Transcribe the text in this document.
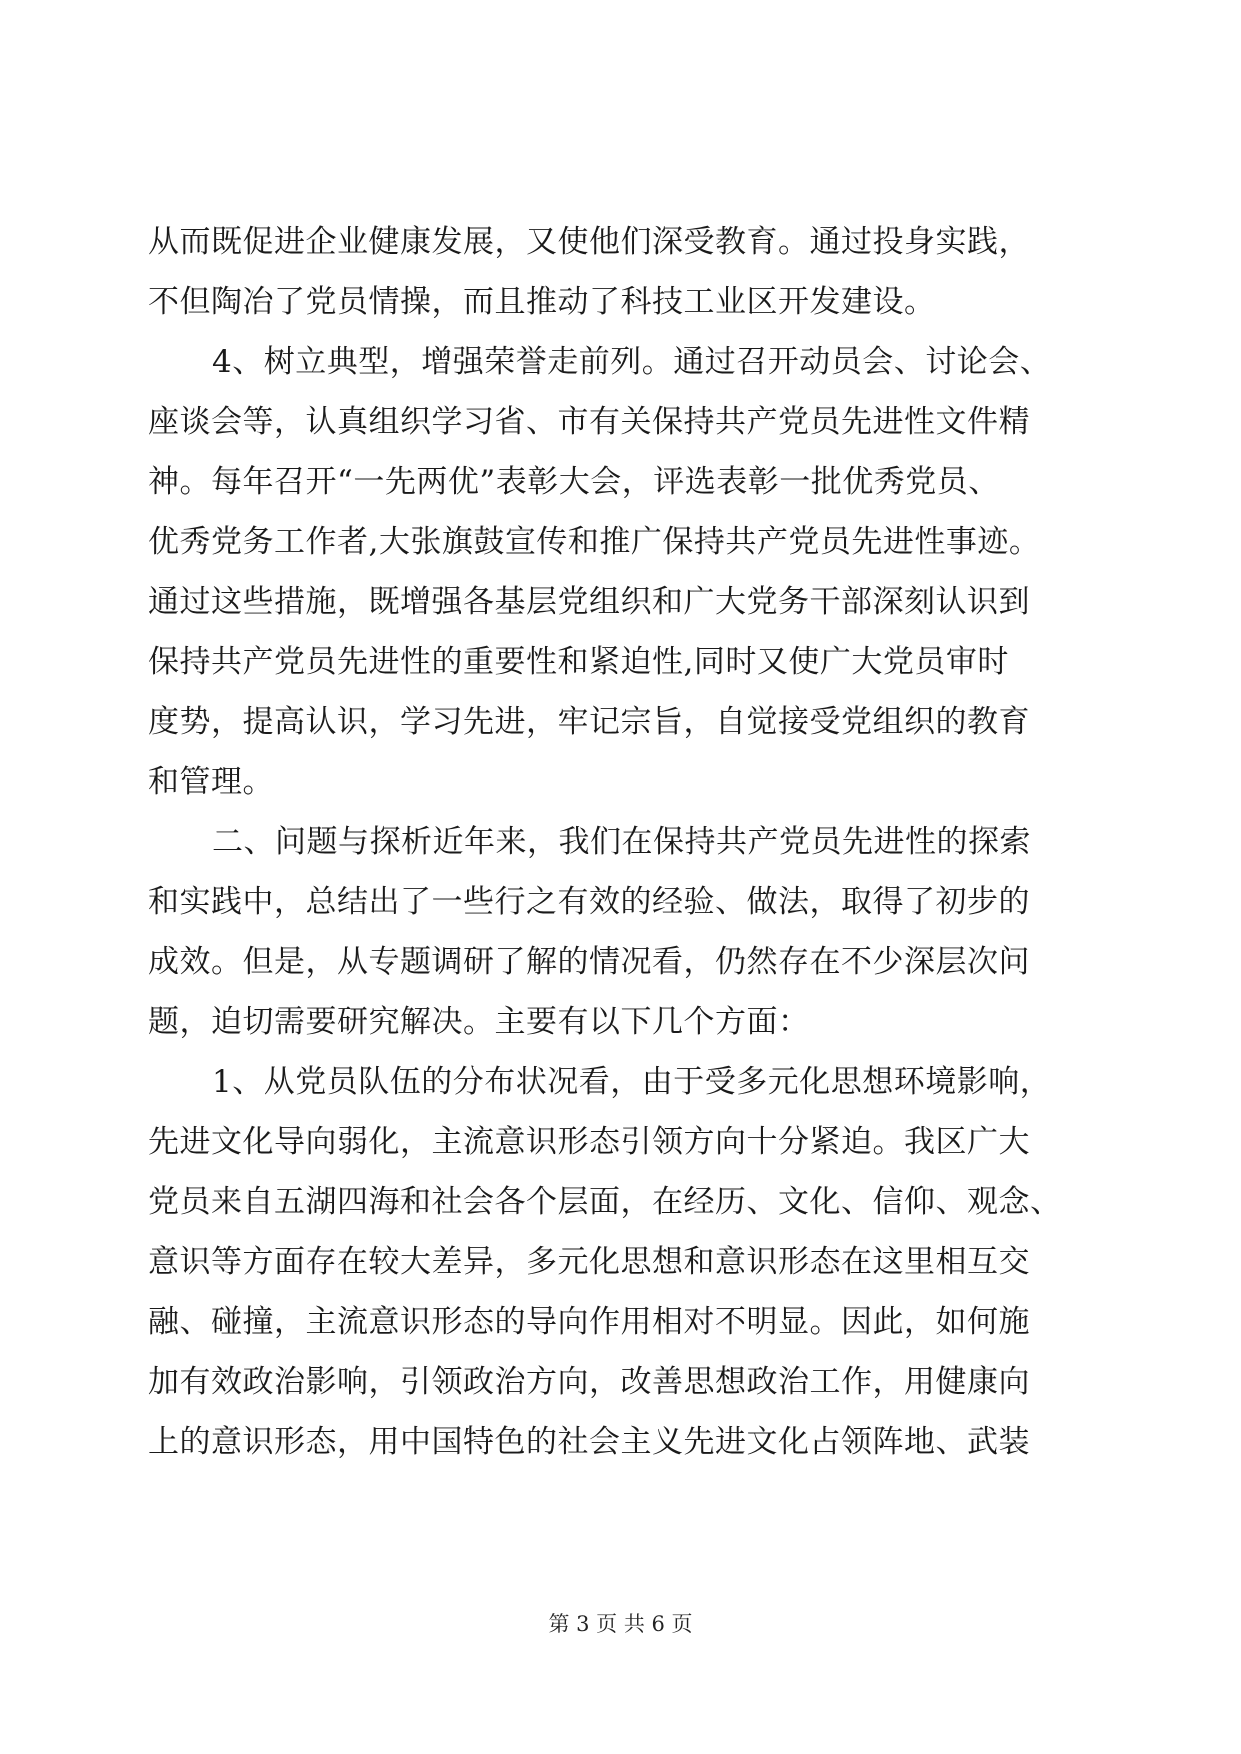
从而既促进企业健康发展，又使他们深受教育。通过投身实践，
不但陶冶了党员情操，而且推动了科技工业区开发建设。

4、树立典型，增强荣誉走前列。通过召开动员会、讨论会、
座谈会等，认真组织学习省、市有关保持共产党员先进性文件精
神。每年召开“一先两优”表彰大会，评选表彰一批优秀党员、
优秀党务工作者,大张旗鼓宣传和推广保持共产党员先进性事迹。
通过这些措施，既增强各基层党组织和广大党务干部深刻认识到
保持共产党员先进性的重要性和紧迫性,同时又使广大党员审时
度势，提高认识，学习先进，牢记宗旨，自觉接受党组织的教育
和管理。

二、问题与探析近年来，我们在保持共产党员先进性的探索
和实践中，总结出了一些行之有效的经验、做法，取得了初步的
成效。但是，从专题调研了解的情况看，仍然存在不少深层次问
题，迫切需要研究解决。主要有以下几个方面：

1、从党员队伍的分布状况看，由于受多元化思想环境影响，
先进文化导向弱化，主流意识形态引领方向十分紧迫。我区广大
党员来自五湖四海和社会各个层面，在经历、文化、信仰、观念、
意识等方面存在较大差异，多元化思想和意识形态在这里相互交
融、碰撞，主流意识形态的导向作用相对不明显。因此，如何施
加有效政治影响，引领政治方向，改善思想政治工作，用健康向
上的意识形态，用中国特色的社会主义先进文化占领阵地、武装

第 3 页 共 6 页
